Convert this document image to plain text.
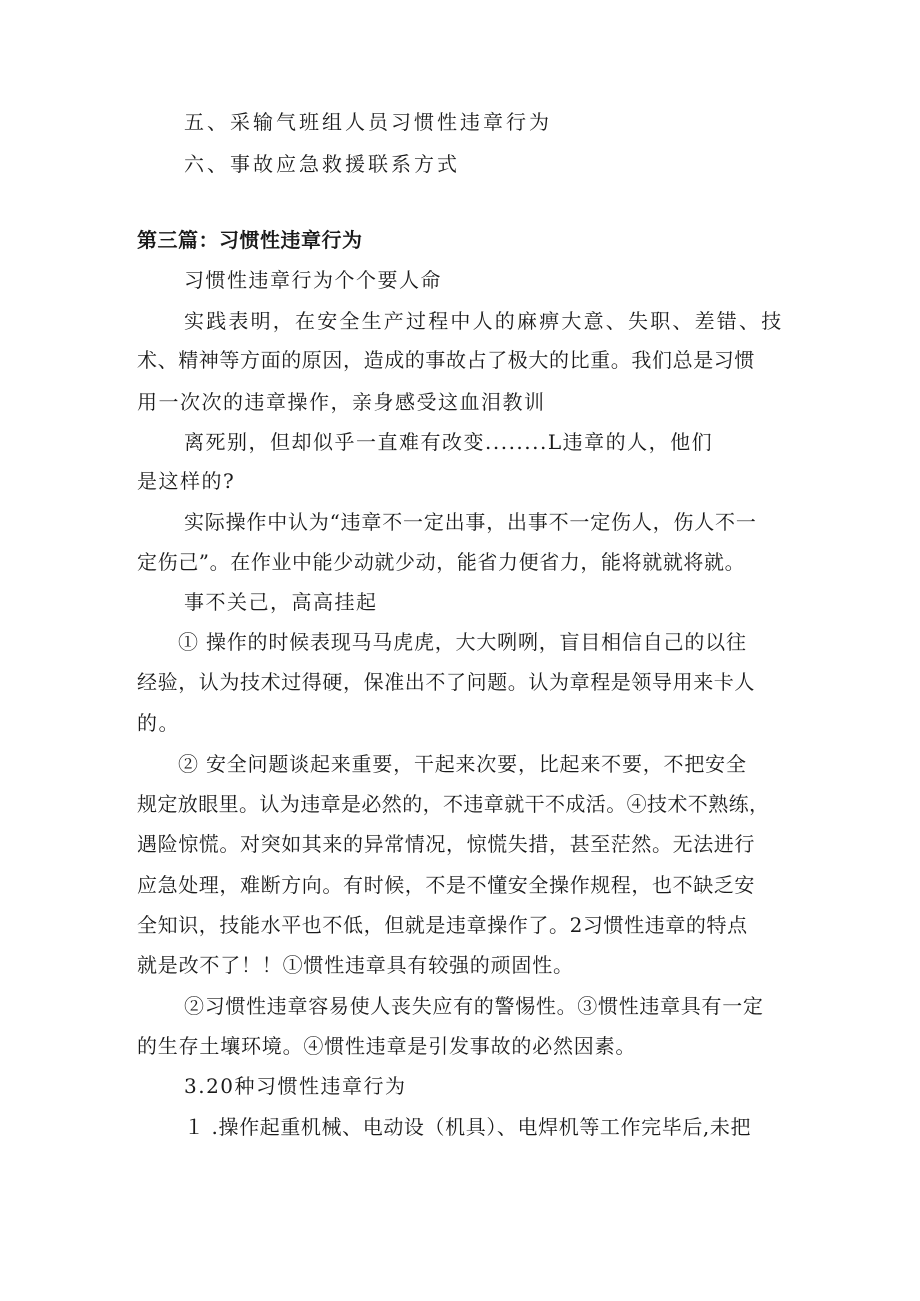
五、采输气班组人员习惯性违章行为
六、事故应急救援联系方式
第三篇：习惯性违章行为
习惯性违章行为个个要人命
实践表明，在安全生产过程中人的麻痹大意、失职、差错、技
术、精神等方面的原因，造成的事故占了极大的比重。我们总是习惯
用一次次的违章操作，亲身感受这血泪教训
离死别，但却似乎一直难有改变........L违章的人，他们
是这样的?
实际操作中认为“违章不一定出事，出事不一定伤人，伤人不一
定伤己”。在作业中能少动就少动，能省力便省力，能将就就将就。
事不关己，高高挂起
① 操作的时候表现马马虎虎，大大咧咧，盲目相信自己的以往
经验，认为技术过得硬，保准出不了问题。认为章程是领导用来卡人
的。
② 安全问题谈起来重要，干起来次要，比起来不要，不把安全
规定放眼里。认为违章是必然的，不违章就干不成活。④技术不熟练，
遇险惊慌。对突如其来的异常情况，惊慌失措，甚至茫然。无法进行
应急处理，难断方向。有时候，不是不懂安全操作规程，也不缺乏安
全知识，技能水平也不低，但就是违章操作了。2习惯性违章的特点
就是改不了！！①惯性违章具有较强的顽固性。
②习惯性违章容易使人丧失应有的警惕性。③惯性违章具有一定
的生存土壤环境。④惯性违章是引发事故的必然因素。
3.20种习惯性违章行为
１ .操作起重机械、电动设（机具）、电焊机等工作完毕后,未把
